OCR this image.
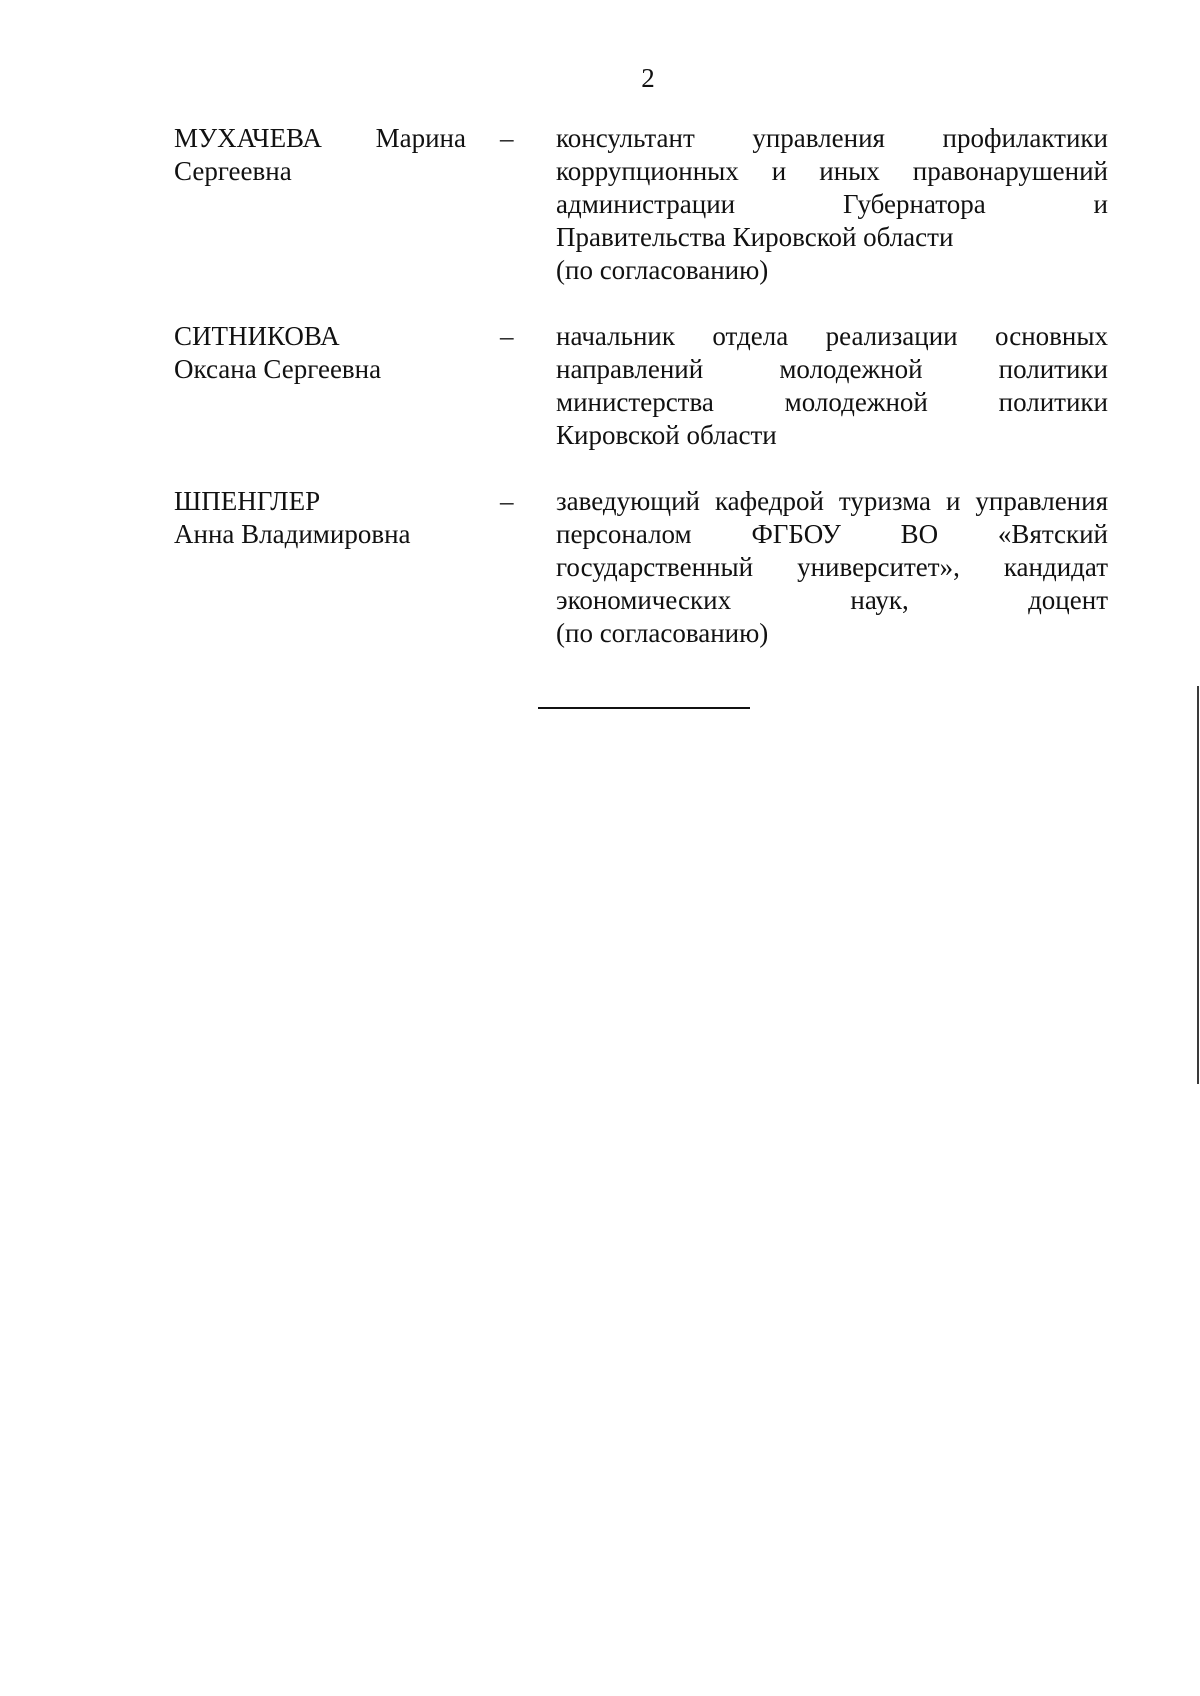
2
МУХАЧЕВА Марина
Сергеевна
–	консультант управления профилактики
коррупционных и иных правонарушений
администрации Губернатора и
Правительства Кировской области
(по согласованию)
СИТНИКОВА
Оксана Сергеевна
–	начальник отдела реализации основных
направлений молодежной политики
министерства молодежной политики
Кировской области
ШПЕНГЛЕР
Анна Владимировна
–	заведующий кафедрой туризма и управления
персоналом ФГБОУ ВО «Вятский
государственный университет», кандидат
экономических наук, доцент
(по согласованию)
